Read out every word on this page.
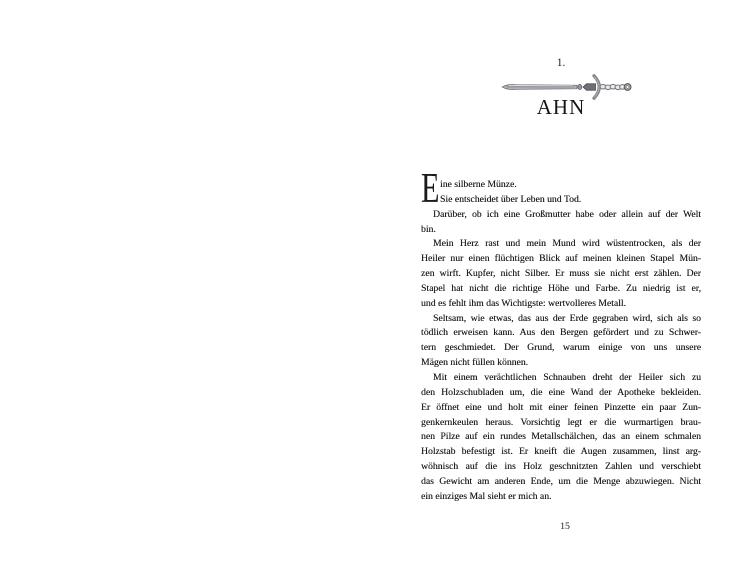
1.
AHN
E ine silberne Münze.
Sie entscheidet über Leben und Tod.
Darüber, ob ich eine Großmutter habe oder allein auf der Welt
bin.
Mein Herz rast und mein Mund wird wüstentrocken, als der
Heiler nur einen flüchtigen Blick auf meinen kleinen Stapel Mün-
zen wirft. Kupfer, nicht Silber. Er muss sie nicht erst zählen. Der
Stapel hat nicht die richtige Höhe und Farbe. Zu niedrig ist er,
und es fehlt ihm das Wichtigste: wertvolleres Metall.
Seltsam, wie etwas, das aus der Erde gegraben wird, sich als so
tödlich erweisen kann. Aus den Bergen gefördert und zu Schwer-
tern geschmiedet. Der Grund, warum einige von uns unsere
Mägen nicht füllen können.
Mit einem verächtlichen Schnauben dreht der Heiler sich zu
den Holzschubladen um, die eine Wand der Apotheke bekleiden.
Er öffnet eine und holt mit einer feinen Pinzette ein paar Zun-
genkernkeulen heraus. Vorsichtig legt er die wurmartigen brau-
nen Pilze auf ein rundes Metallschälchen, das an einem schmalen
Holzstab befestigt ist. Er kneift die Augen zusammen, linst arg-
wöhnisch auf die ins Holz geschnitzten Zahlen und verschiebt
das Gewicht am anderen Ende, um die Menge abzuwiegen. Nicht
ein einziges Mal sieht er mich an.
15
